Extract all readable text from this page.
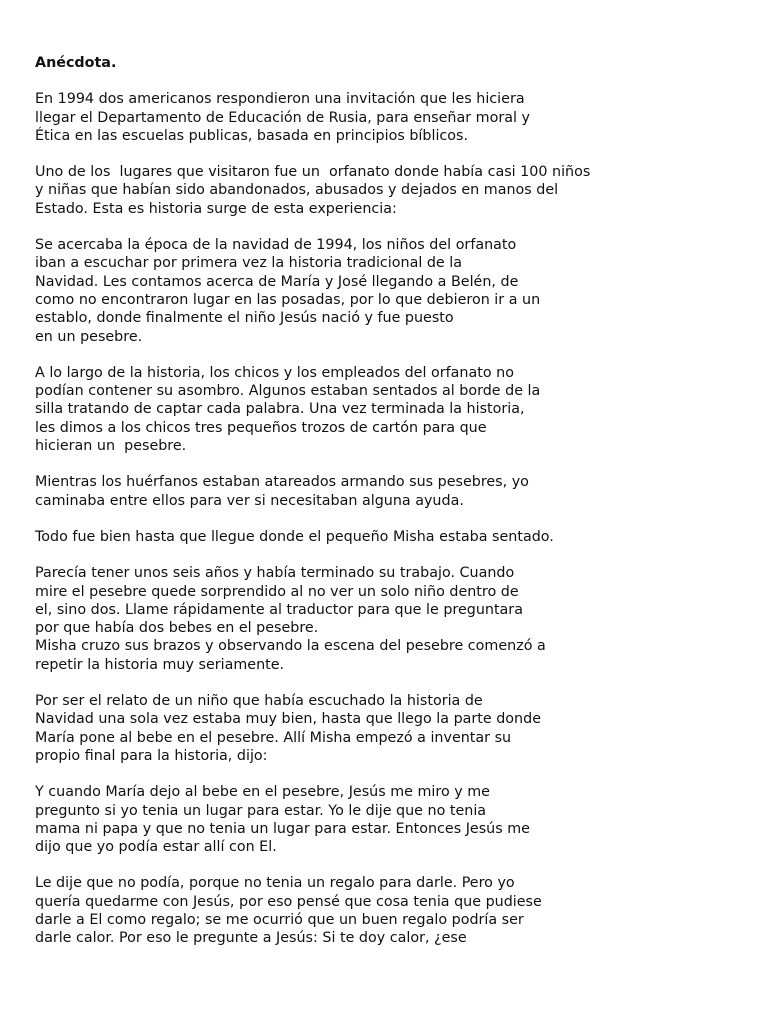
Anécdota.
En 1994 dos americanos respondieron una invitación que les hiciera
llegar el Departamento de Educación de Rusia, para enseñar moral y
Ética en las escuelas publicas, basada en principios bíblicos.
Uno de los  lugares que visitaron fue un  orfanato donde había casi 100 niños
y niñas que habían sido abandonados, abusados y dejados en manos del
Estado. Esta es historia surge de esta experiencia:
Se acercaba la época de la navidad de 1994, los niños del orfanato
iban a escuchar por primera vez la historia tradicional de la
Navidad. Les contamos acerca de María y José llegando a Belén, de
como no encontraron lugar en las posadas, por lo que debieron ir a un
establo, donde finalmente el niño Jesús nació y fue puesto
en un pesebre.
A lo largo de la historia, los chicos y los empleados del orfanato no
podían contener su asombro. Algunos estaban sentados al borde de la
silla tratando de captar cada palabra. Una vez terminada la historia,
les dimos a los chicos tres pequeños trozos de cartón para que
hicieran un  pesebre.
Mientras los huérfanos estaban atareados armando sus pesebres, yo
caminaba entre ellos para ver si necesitaban alguna ayuda.
Todo fue bien hasta que llegue donde el pequeño Misha estaba sentado.
Parecía tener unos seis años y había terminado su trabajo. Cuando
mire el pesebre quede sorprendido al no ver un solo niño dentro de
el, sino dos. Llame rápidamente al traductor para que le preguntara
por que había dos bebes en el pesebre.
Misha cruzo sus brazos y observando la escena del pesebre comenzó a
repetir la historia muy seriamente.
Por ser el relato de un niño que había escuchado la historia de
Navidad una sola vez estaba muy bien, hasta que llego la parte donde
María pone al bebe en el pesebre. Allí Misha empezó a inventar su
propio final para la historia, dijo:
Y cuando María dejo al bebe en el pesebre, Jesús me miro y me
pregunto si yo tenia un lugar para estar. Yo le dije que no tenia
mama ni papa y que no tenia un lugar para estar. Entonces Jesús me
dijo que yo podía estar allí con El.
Le dije que no podía, porque no tenia un regalo para darle. Pero yo
quería quedarme con Jesús, por eso pensé que cosa tenia que pudiese
darle a El como regalo; se me ocurrió que un buen regalo podría ser
darle calor. Por eso le pregunte a Jesús: Si te doy calor, ¿ese
